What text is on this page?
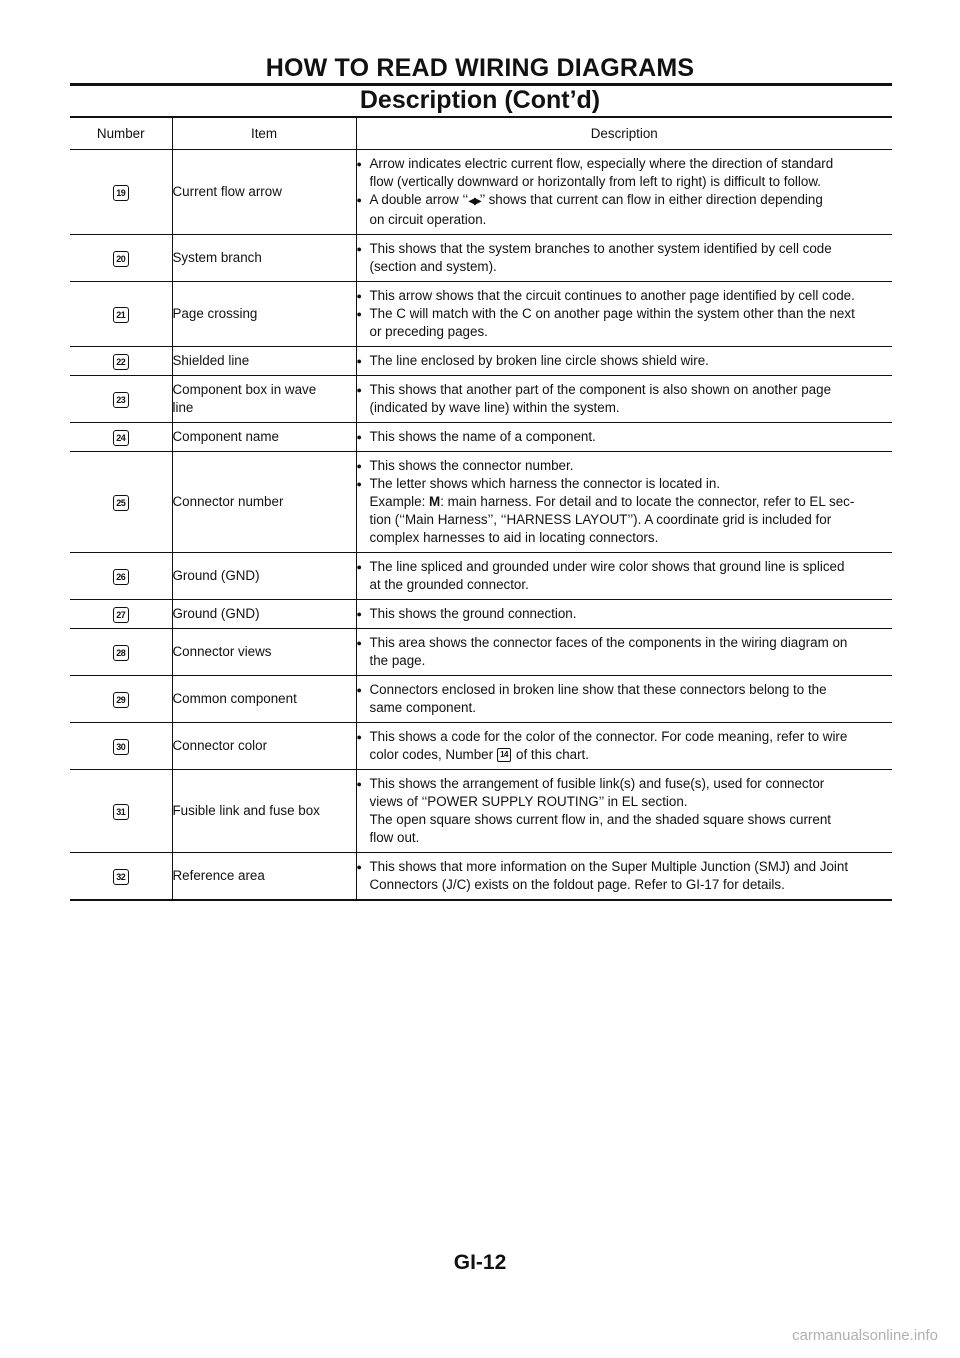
HOW TO READ WIRING DIAGRAMS
Description (Cont’d)
Number	Item	Description
19	Current flow arrow	● Arrow indicates electric current flow, especially where the direction of standard
flow (vertically downward or horizontally from left to right) is difficult to follow.
● A double arrow ‘‘◀▶’’ shows that current can flow in either direction depending
on circuit operation.

20	System branch	● This shows that the system branches to another system identified by cell code
(section and system).

21	Page crossing	● This arrow shows that the circuit continues to another page identified by cell code.
● The C will match with the C on another page within the system other than the next
or preceding pages.

22	Shielded line	● The line enclosed by broken line circle shows shield wire.

23	Component box in wave
line	● This shows that another part of the component is also shown on another page
(indicated by wave line) within the system.

24	Component name	● This shows the name of a component.

25	Connector number	● This shows the connector number.
● The letter shows which harness the connector is located in.
Example: M: main harness. For detail and to locate the connector, refer to EL sec-
tion (‘‘Main Harness’’, ‘‘HARNESS LAYOUT’’). A coordinate grid is included for
complex harnesses to aid in locating connectors.

26	Ground (GND)	● The line spliced and grounded under wire color shows that ground line is spliced
at the grounded connector.

27	Ground (GND)	● This shows the ground connection.

28	Connector views	● This area shows the connector faces of the components in the wiring diagram on
the page.

29	Common component	● Connectors enclosed in broken line show that these connectors belong to the
same component.

30	Connector color	● This shows a code for the color of the connector. For code meaning, refer to wire
color codes, Number 14 of this chart.

31	Fusible link and fuse box	● This shows the arrangement of fusible link(s) and fuse(s), used for connector
views of ‘‘POWER SUPPLY ROUTING’’ in EL section.
The open square shows current flow in, and the shaded square shows current
flow out.

32	Reference area	● This shows that more information on the Super Multiple Junction (SMJ) and Joint
Connectors (J/C) exists on the foldout page. Refer to GI-17 for details.
GI-12
carmanualsonline.info
